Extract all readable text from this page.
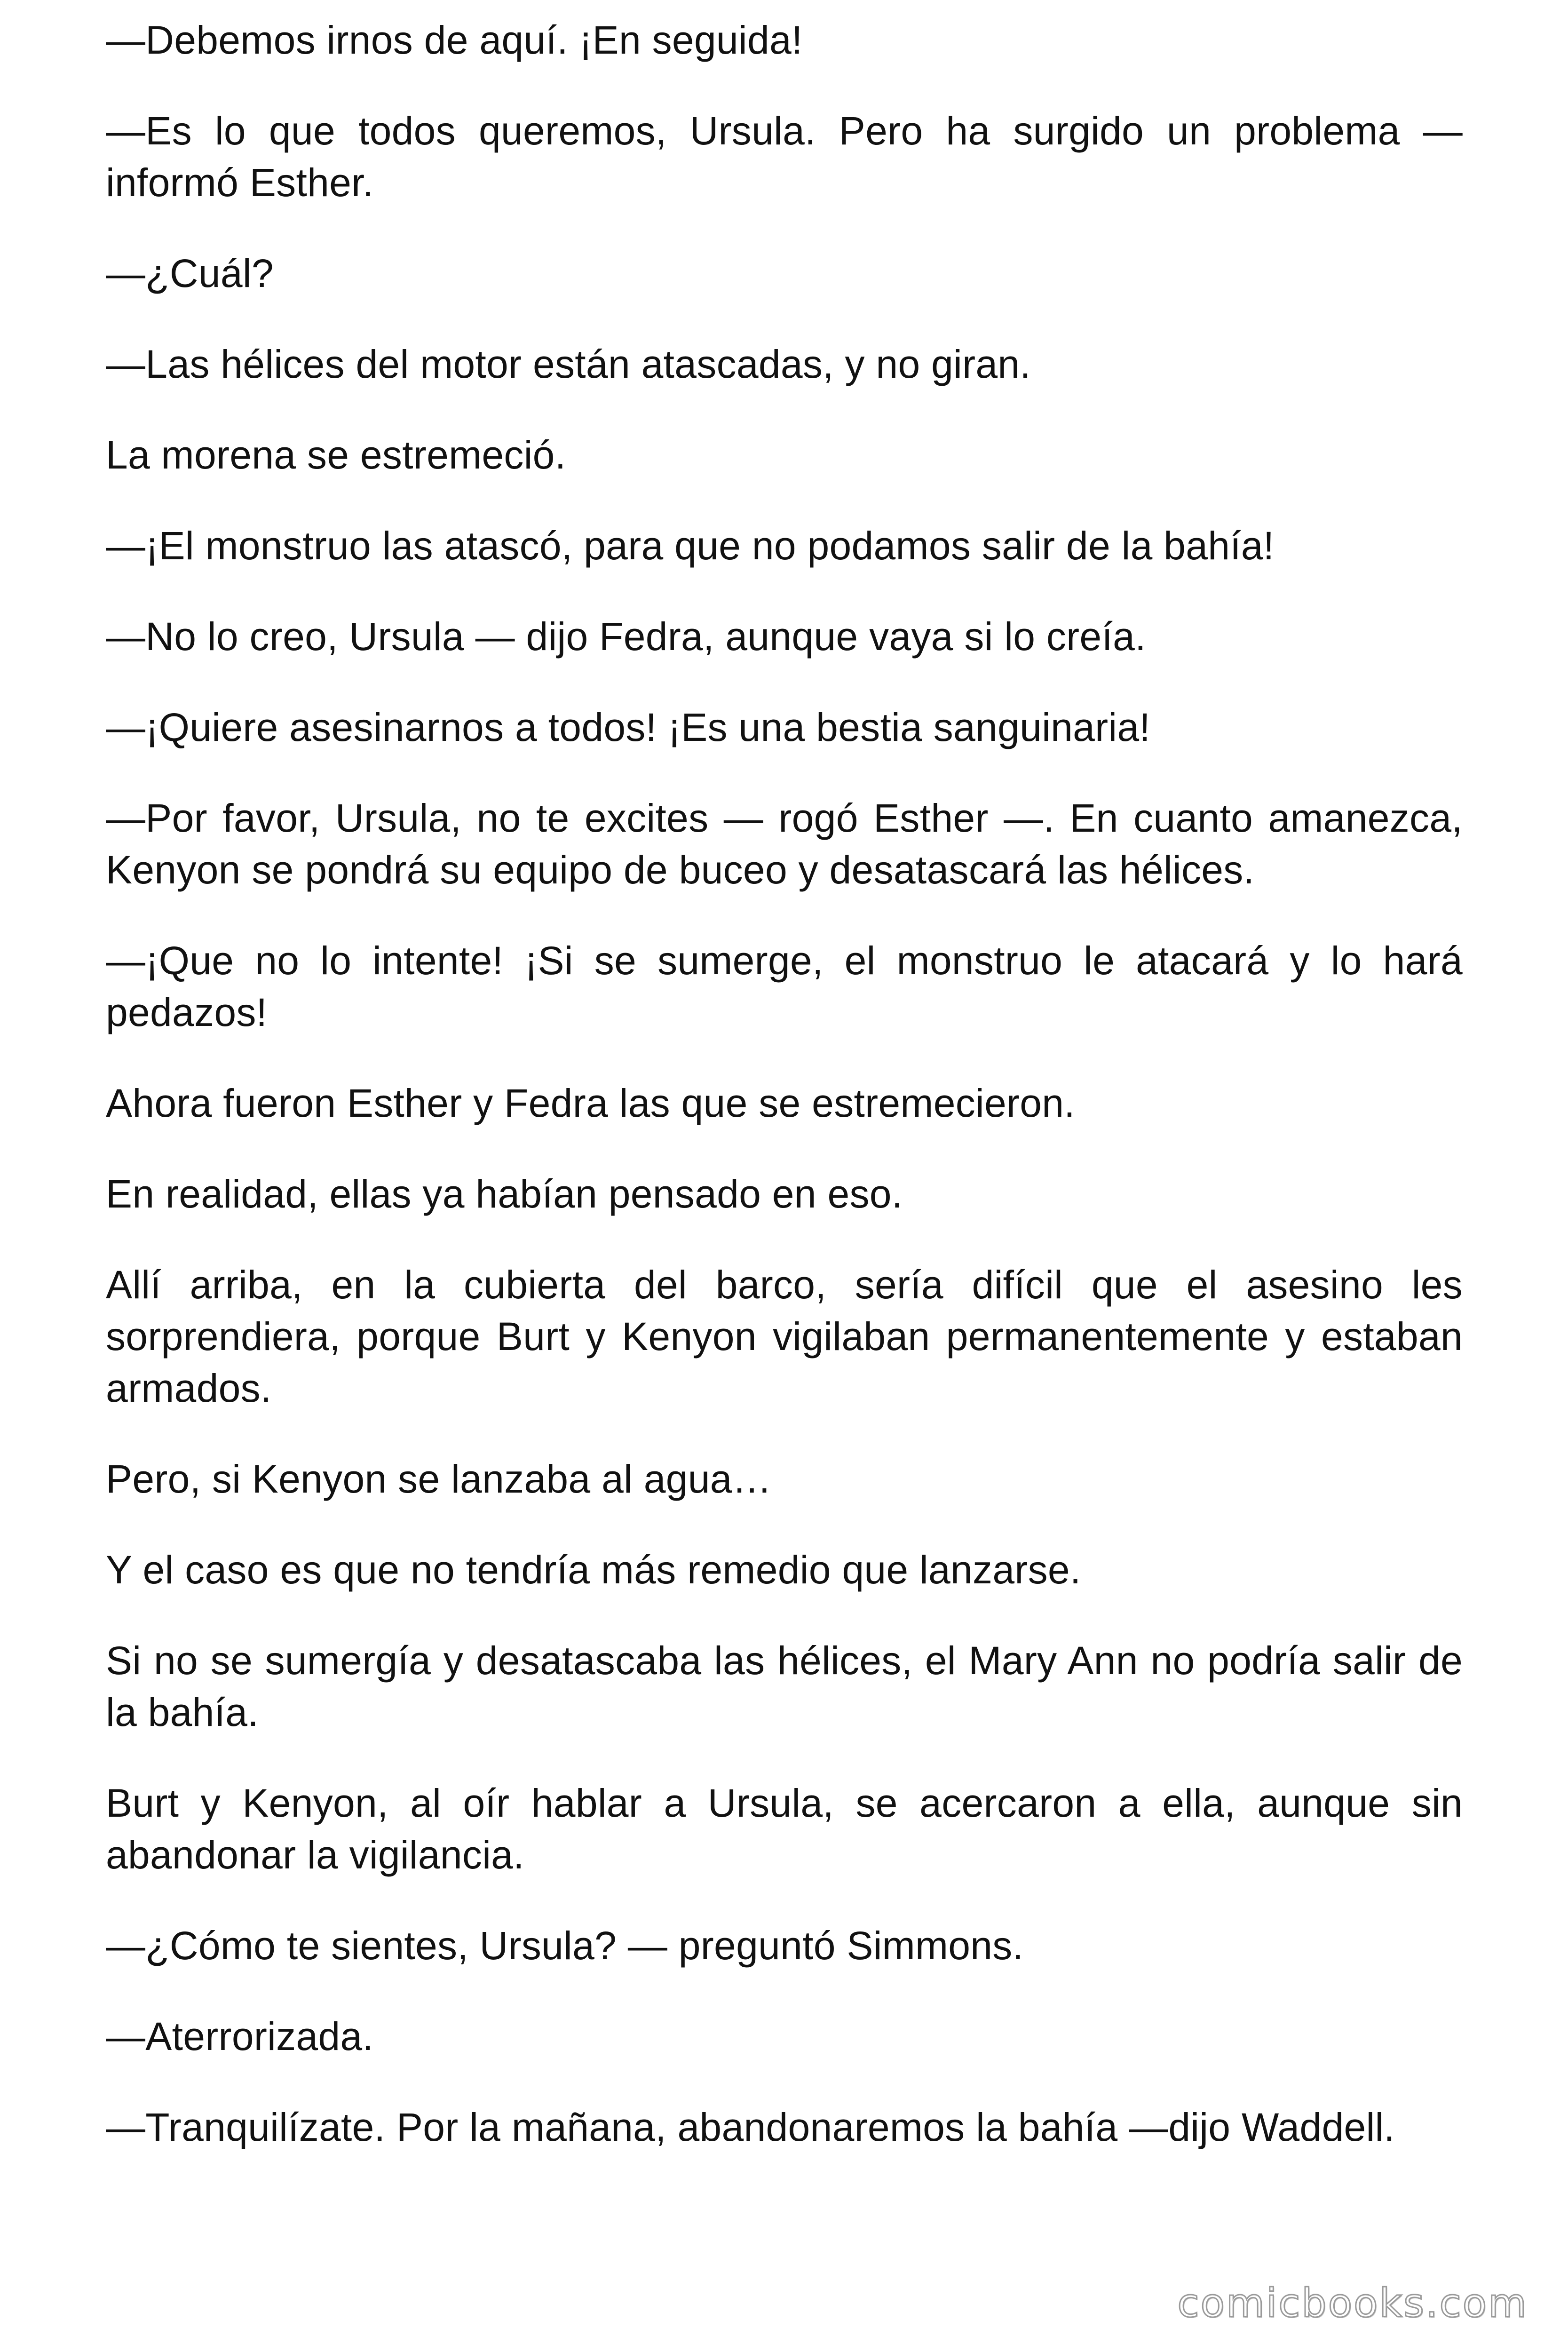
—Debemos irnos de aquí. ¡En seguida!

—Es lo que todos queremos, Ursula. Pero ha surgido un problema — informó Esther.

—¿Cuál?

—Las hélices del motor están atascadas, y no giran.

La morena se estremeció.

—¡El monstruo las atascó, para que no podamos salir de la bahía!

—No lo creo, Ursula — dijo Fedra, aunque vaya si lo creía.

—¡Quiere asesinarnos a todos! ¡Es una bestia sanguinaria!

—Por favor, Ursula, no te excites — rogó Esther —. En cuanto amanezca, Kenyon se pondrá su equipo de buceo y desatascará las hélices.

—¡Que no lo intente! ¡Si se sumerge, el monstruo le atacará y lo hará pedazos!

Ahora fueron Esther y Fedra las que se estremecieron.

En realidad, ellas ya habían pensado en eso.

Allí arriba, en la cubierta del barco, sería difícil que el asesino les sorprendiera, porque Burt y Kenyon vigilaban permanentemente y estaban armados.

Pero, si Kenyon se lanzaba al agua…

Y el caso es que no tendría más remedio que lanzarse.

Si no se sumergía y desatascaba las hélices, el Mary Ann no podría salir de la bahía.

Burt y Kenyon, al oír hablar a Ursula, se acercaron a ella, aunque sin abandonar la vigilancia.

—¿Cómo te sientes, Ursula? — preguntó Simmons.

—Aterrorizada.

—Tranquilízate. Por la mañana, abandonaremos la bahía —dijo Waddell.

comicbooks.com
